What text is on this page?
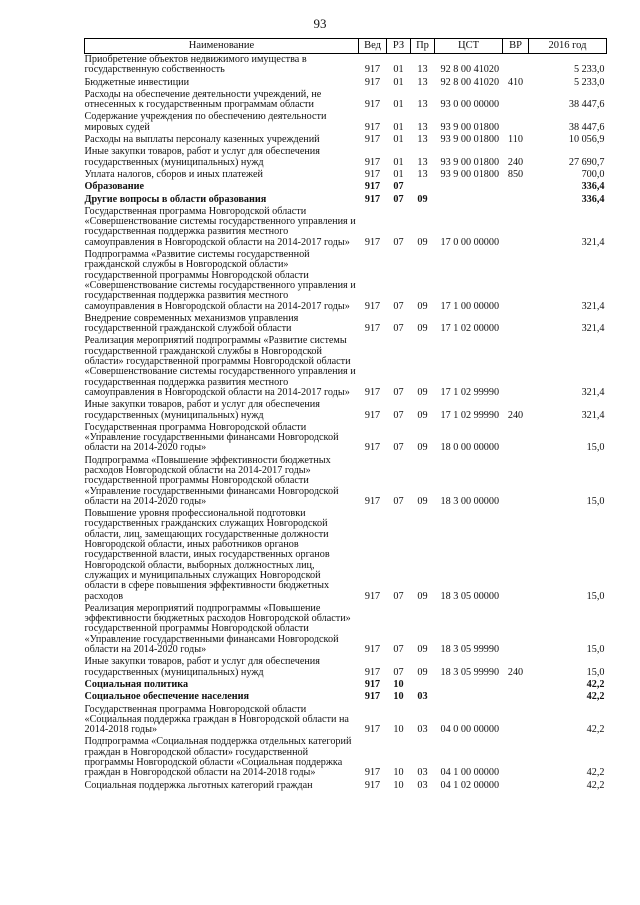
93
Наименование	Вед	РЗ	Пр	ЦСТ	ВР	2016 год
Приобретение объектов недвижимого имущества в государственную собственность	917	01	13	92 8 00 41020		5 233,0
Бюджетные инвестиции	917	01	13	92 8 00 41020	410	5 233,0
Расходы на обеспечение деятельности учреждений, не отнесенных к государственным программам области	917	01	13	93 0 00 00000		38 447,6
Содержание учреждения по обеспечению деятельности мировых судей	917	01	13	93 9 00 01800		38 447,6
Расходы на выплаты персоналу казенных учреждений	917	01	13	93 9 00 01800	110	10 056,9
Иные закупки товаров, работ и услуг для обеспечения государственных (муниципальных) нужд	917	01	13	93 9 00 01800	240	27 690,7
Уплата налогов, сборов и иных платежей	917	01	13	93 9 00 01800	850	700,0
Образование	917	07				336,4
Другие вопросы в области образования	917	07	09			336,4
Государственная программа Новгородской области «Совершенствование системы государственного управления и государственная поддержка развития местного самоуправления в Новгородской области на 2014-2017 годы»	917	07	09	17 0 00 00000		321,4
Подпрограмма «Развитие системы государственной гражданской службы в Новгородской области» государственной программы Новгородской области «Совершенствование системы государственного управления и государственная поддержка развития местного самоуправления в Новгородской области на 2014-2017 годы»	917	07	09	17 1 00 00000		321,4
Внедрение современных механизмов управления государственной гражданской службой области	917	07	09	17 1 02 00000		321,4
Реализация мероприятий подпрограммы «Развитие системы государственной гражданской службы в Новгородской области» государственной программы Новгородской области «Совершенствование системы государственного управления и государственная поддержка развития местного самоуправления в Новгородской области на 2014-2017 годы»	917	07	09	17 1 02 99990		321,4
Иные закупки товаров, работ и услуг для обеспечения государственных (муниципальных) нужд	917	07	09	17 1 02 99990	240	321,4
Государственная программа Новгородской области «Управление государственными финансами Новгородской области на 2014-2020 годы»	917	07	09	18 0 00 00000		15,0
Подпрограмма «Повышение эффективности бюджетных расходов Новгородской области на 2014-2017 годы» государственной программы Новгородской области «Управление государственными финансами Новгородской области на 2014-2020 годы»	917	07	09	18 3 00 00000		15,0
Повышение уровня профессиональной подготовки государственных гражданских служащих Новгородской области, лиц, замещающих государственные должности Новгородской области, иных работников органов государственной власти, иных государственных органов Новгородской области, выборных должностных лиц, служащих и муниципальных служащих Новгородской области в сфере повышения эффективности бюджетных расходов	917	07	09	18 3 05 00000		15,0
Реализация мероприятий подпрограммы «Повышение эффективности бюджетных расходов Новгородской области» государственной программы Новгородской области «Управление государственными финансами Новгородской области на 2014-2020 годы»	917	07	09	18 3 05 99990		15,0
Иные закупки товаров, работ и услуг для обеспечения государственных (муниципальных) нужд	917	07	09	18 3 05 99990	240	15,0
Социальная политика	917	10				42,2
Социальное обеспечение населения	917	10	03			42,2
Государственная программа Новгородской области «Социальная поддержка граждан в Новгородской области на 2014-2018 годы»	917	10	03	04 0 00 00000		42,2
Подпрограмма «Социальная поддержка отдельных категорий граждан в Новгородской области» государственной программы Новгородской области «Социальная поддержка граждан в Новгородской области на 2014-2018 годы»	917	10	03	04 1 00 00000		42,2
Социальная поддержка льготных категорий граждан	917	10	03	04 1 02 00000		42,2
